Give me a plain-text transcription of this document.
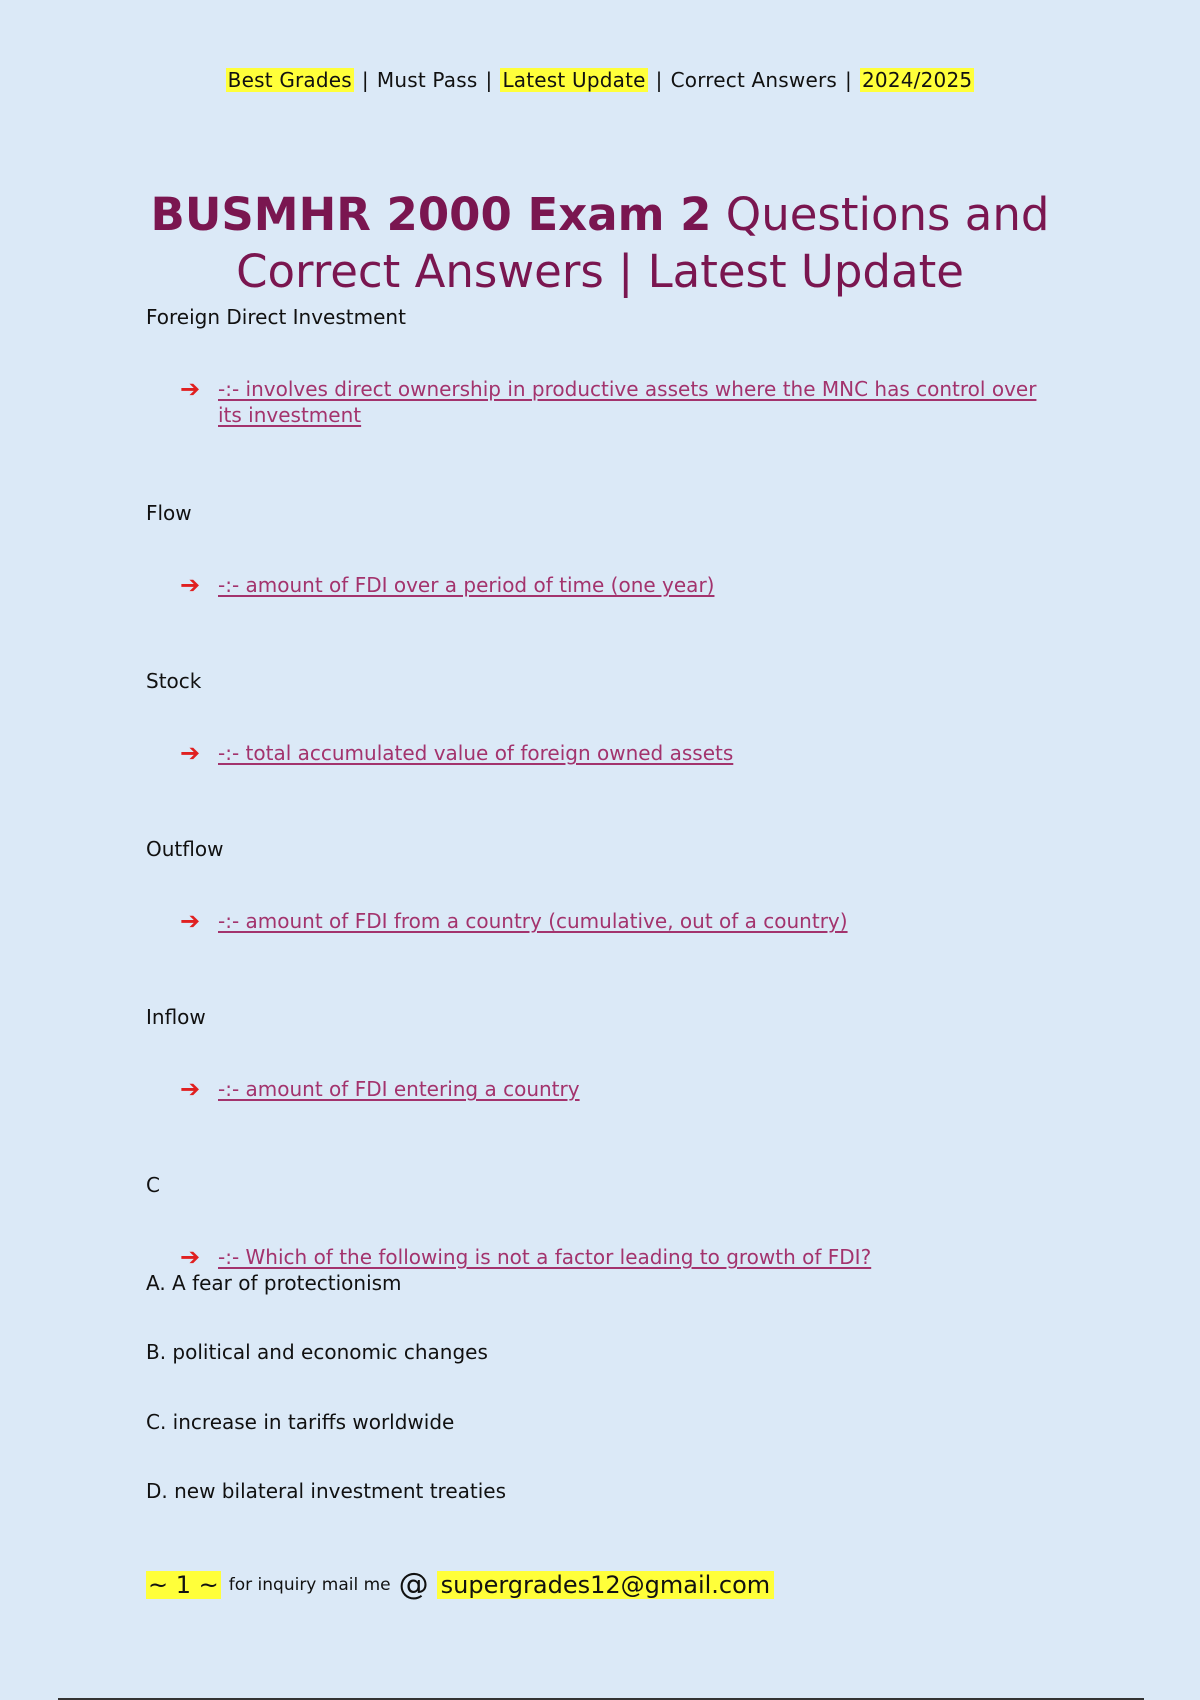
Best Grades | Must Pass | Latest Update | Correct Answers | 2024/2025
BUSMHR 2000 Exam 2 Questions and Correct Answers | Latest Update
Foreign Direct Investment
➔ -:- involves direct ownership in productive assets where the MNC has control over its investment
Flow
➔ -:- amount of FDI over a period of time (one year)
Stock
➔ -:- total accumulated value of foreign owned assets
Outflow
➔ -:- amount of FDI from a country (cumulative, out of a country)
Inflow
➔ -:- amount of FDI entering a country
C
➔ -:- Which of the following is not a factor leading to growth of FDI?
A. A fear of protectionism
B. political and economic changes
C. increase in tariffs worldwide
D. new bilateral investment treaties
~ 1 ~ for inquiry mail me @ supergrades12@gmail.com
